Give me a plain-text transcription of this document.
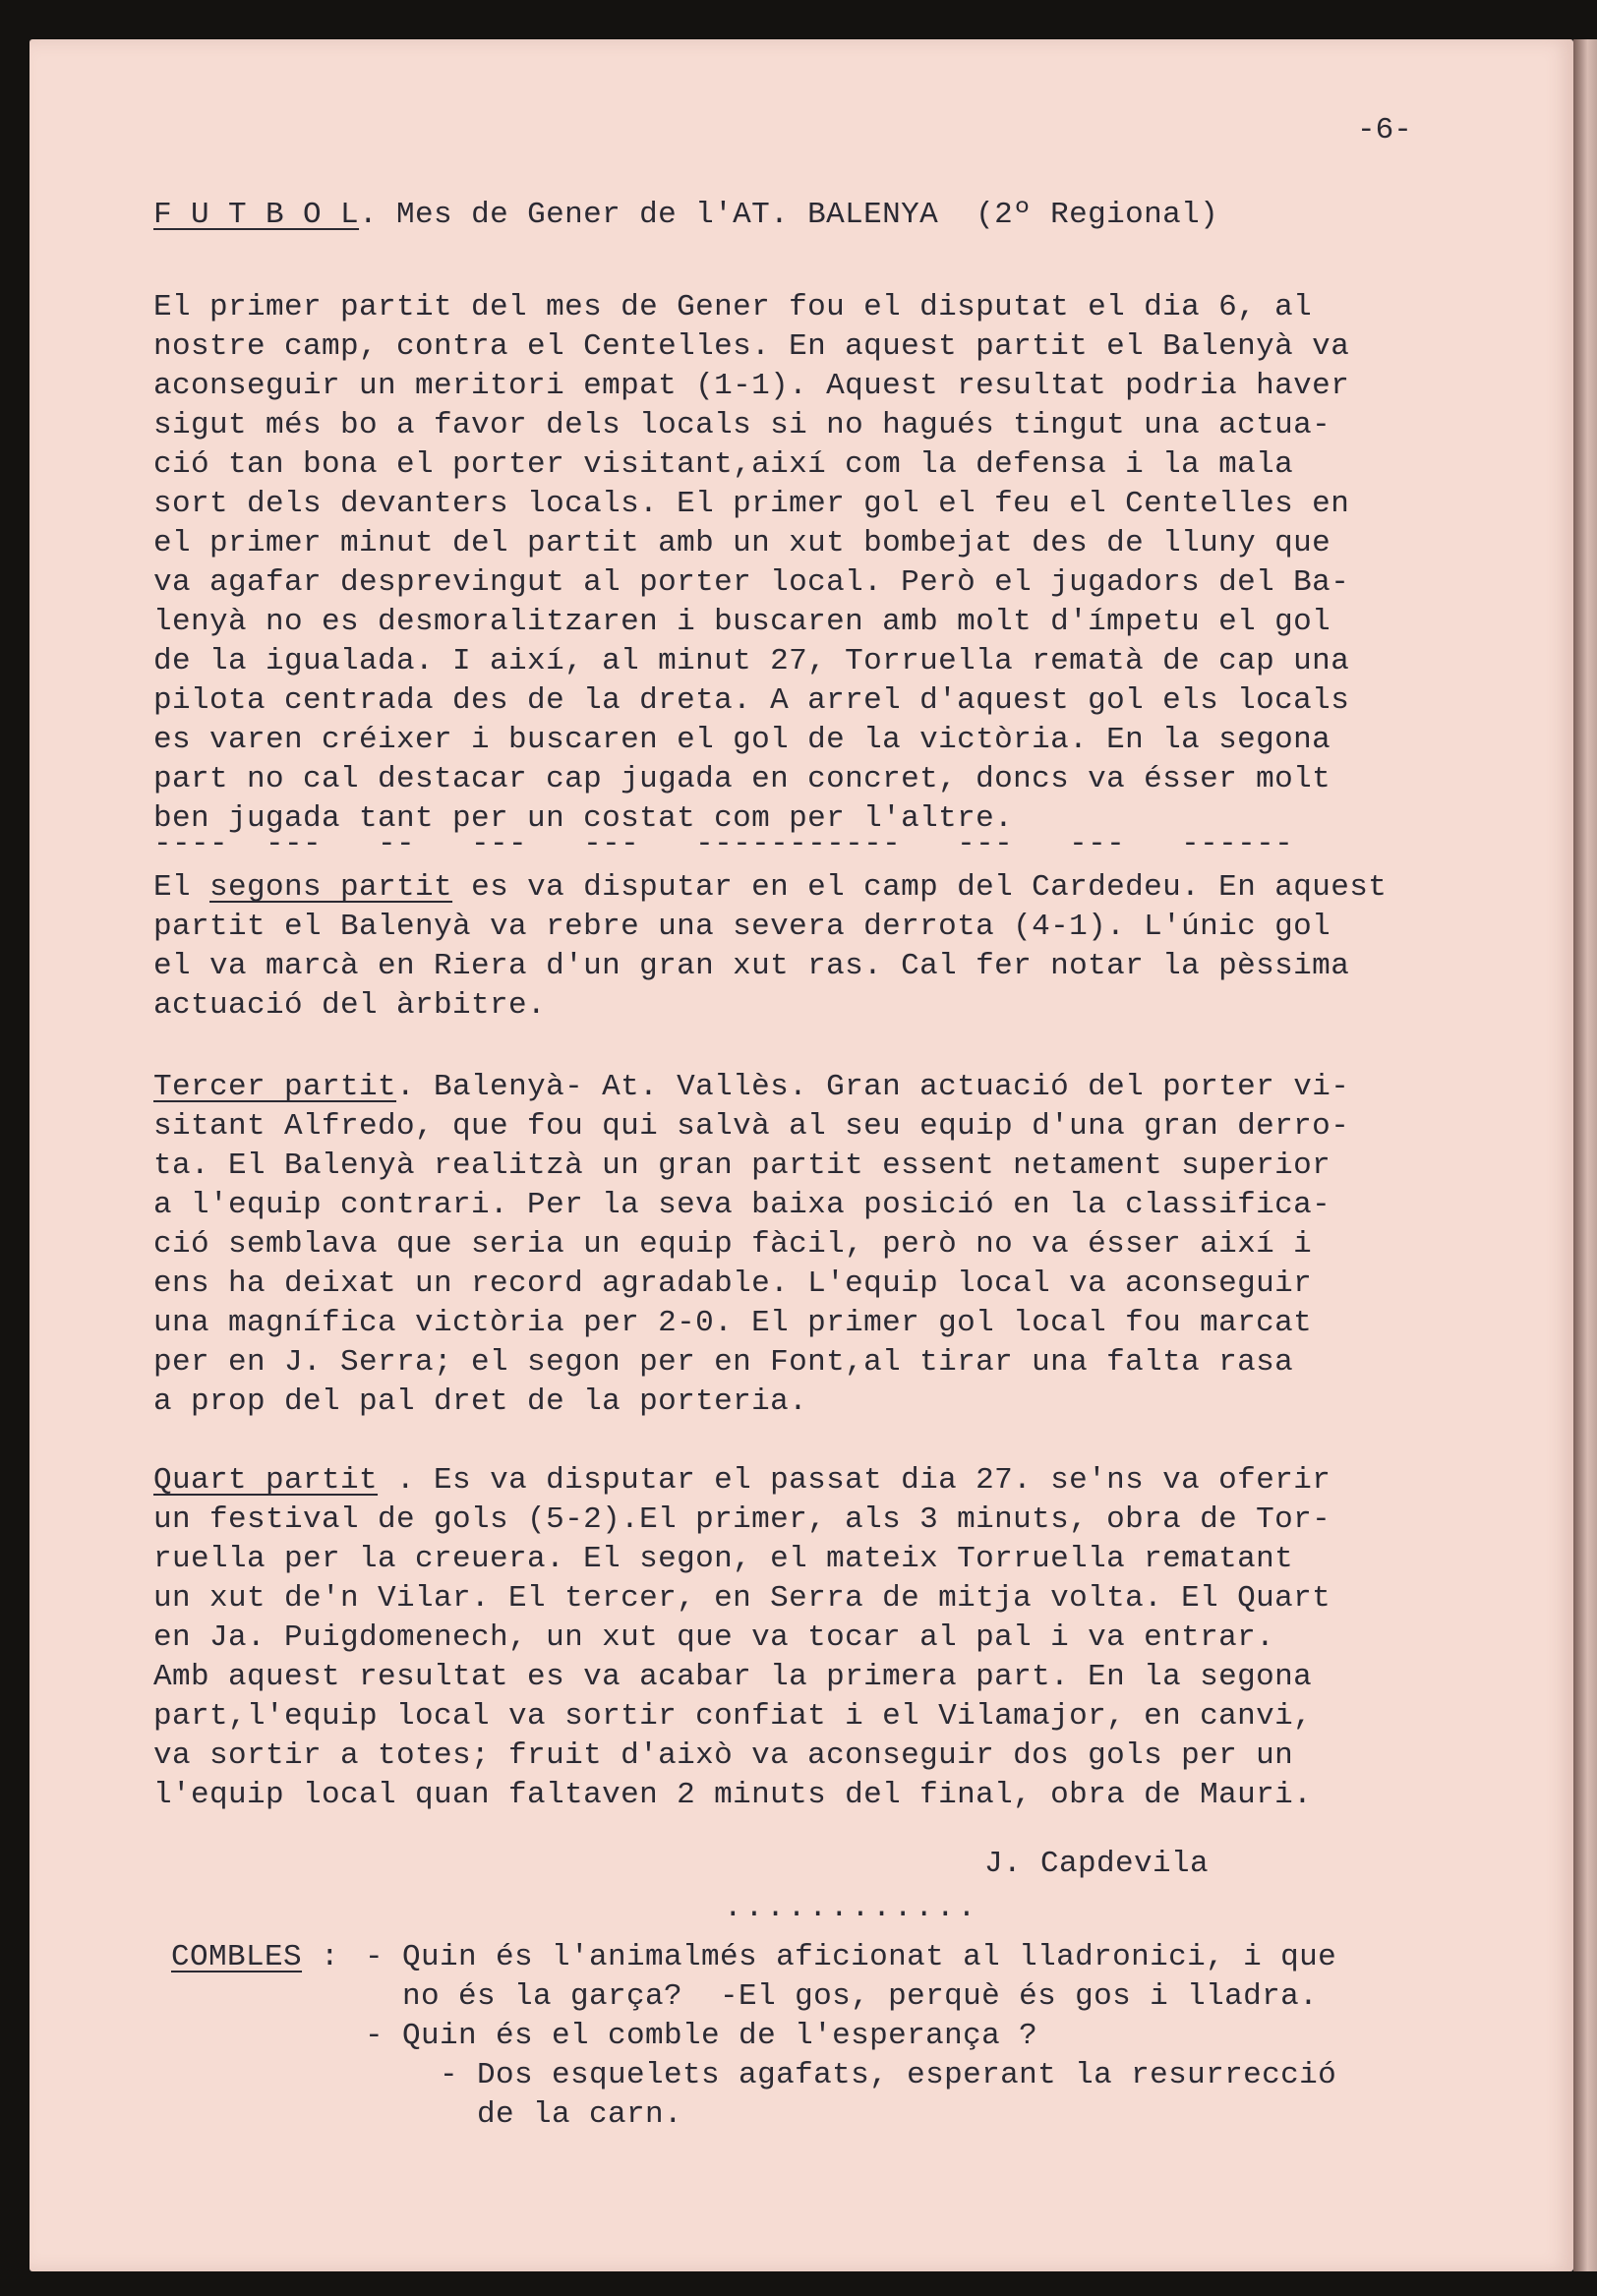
-6-
F U T B O L. Mes de Gener de l'AT. BALENYA  (2º Regional)
El primer partit del mes de Gener fou el disputat el dia 6, al
nostre camp, contra el Centelles. En aquest partit el Balenyà va
aconseguir un meritori empat (1-1). Aquest resultat podria haver
sigut més bo a favor dels locals si no hagués tingut una actua-
ció tan bona el porter visitant,així com la defensa i la mala
sort dels devanters locals. El primer gol el feu el Centelles en
el primer minut del partit amb un xut bombejat des de lluny que
va agafar desprevingut al porter local. Però el jugadors del Ba-
lenyà no es desmoralitzaren i buscaren amb molt d'ímpetu el gol
de la igualada. I així, al minut 27, Torruella rematà de cap una
pilota centrada des de la dreta. A arrel d'aquest gol els locals
es varen créixer i buscaren el gol de la victòria. En la segona
part no cal destacar cap jugada en concret, doncs va ésser molt
ben jugada tant per un costat com per l'altre.
----  ---   --   ---   ---   -----------   ---   ---   ------
El segons partit es va disputar en el camp del Cardedeu. En aquest
partit el Balenyà va rebre una severa derrota (4-1). L'únic gol
el va marcà en Riera d'un gran xut ras. Cal fer notar la pèssima
actuació del àrbitre.
Tercer partit. Balenyà- At. Vallès. Gran actuació del porter vi-
sitant Alfredo, que fou qui salvà al seu equip d'una gran derro-
ta. El Balenyà realitzà un gran partit essent netament superior
a l'equip contrari. Per la seva baixa posició en la classifica-
ció semblava que seria un equip fàcil, però no va ésser així i
ens ha deixat un record agradable. L'equip local va aconseguir
una magnífica victòria per 2-0. El primer gol local fou marcat
per en J. Serra; el segon per en Font,al tirar una falta rasa
a prop del pal dret de la porteria.
Quart partit . Es va disputar el passat dia 27. se'ns va oferir
un festival de gols (5-2).El primer, als 3 minuts, obra de Tor-
ruella per la creuera. El segon, el mateix Torruella rematant
un xut de'n Vilar. El tercer, en Serra de mitja volta. El Quart
en Ja. Puigdomenech, un xut que va tocar al pal i va entrar.
Amb aquest resultat es va acabar la primera part. En la segona
part,l'equip local va sortir confiat i el Vilamajor, en canvi,
va sortir a totes; fruit d'això va aconseguir dos gols per un
l'equip local quan faltaven 2 minuts del final, obra de Mauri.
J. Capdevila
............
COMBLES : - Quin és l'animalmés aficionat al lladronici, i que
no és la garça?  -El gos, perquè és gos i lladra.
- Quin és el comble de l'esperança ?
- Dos esquelets agafats, esperant la resurrecció
de la carn.
